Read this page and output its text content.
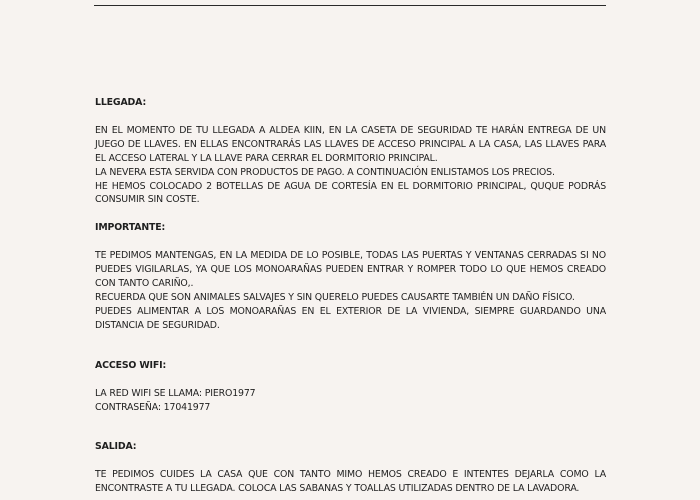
LLEGADA:

EN EL MOMENTO DE TU LLEGADA A ALDEA KIIN, EN LA CASETA DE SEGURIDAD TE HARÁN ENTREGA DE UN JUEGO DE LLAVES. EN ELLAS ENCONTRARÁS LAS LLAVES DE ACCESO PRINCIPAL A LA CASA, LAS LLAVES PARA EL ACCESO LATERAL Y LA LLAVE PARA CERRAR EL DORMITORIO PRINCIPAL.

LA NEVERA ESTA SERVIDA CON PRODUCTOS DE PAGO. A CONTINUACIÓN ENLISTAMOS LOS PRECIOS.

HE HEMOS COLOCADO 2 BOTELLAS DE AGUA DE CORTESÍA EN EL DORMITORIO PRINCIPAL, QUQUE PODRÁS CONSUMIR SIN COSTE.

IMPORTANTE:

TE PEDIMOS MANTENGAS, EN LA MEDIDA DE LO POSIBLE, TODAS LAS PUERTAS Y VENTANAS CERRADAS SI NO PUEDES VIGILARLAS, YA QUE LOS MONOARAÑAS PUEDEN ENTRAR Y ROMPER TODO LO QUE HEMOS CREADO CON TANTO CARIÑO,.

RECUERDA QUE SON ANIMALES SALVAJES Y SIN QUERELO PUEDES CAUSARTE TAMBIÉN UN DAÑO FÍSICO.

PUEDES ALIMENTAR A LOS MONOARAÑAS EN EL EXTERIOR DE LA VIVIENDA, SIEMPRE GUARDANDO UNA DISTANCIA DE SEGURIDAD.

ACCESO WIFI:

LA RED WIFI SE LLAMA: PIERO1977

CONTRASEÑA: 17041977

SALIDA:

TE PEDIMOS CUIDES LA CASA QUE CON TANTO MIMO HEMOS CREADO E INTENTES DEJARLA COMO LA ENCONTRASTE A TU LLEGADA. COLOCA LAS SABANAS Y TOALLAS UTILIZADAS DENTRO DE LA LAVADORA.
